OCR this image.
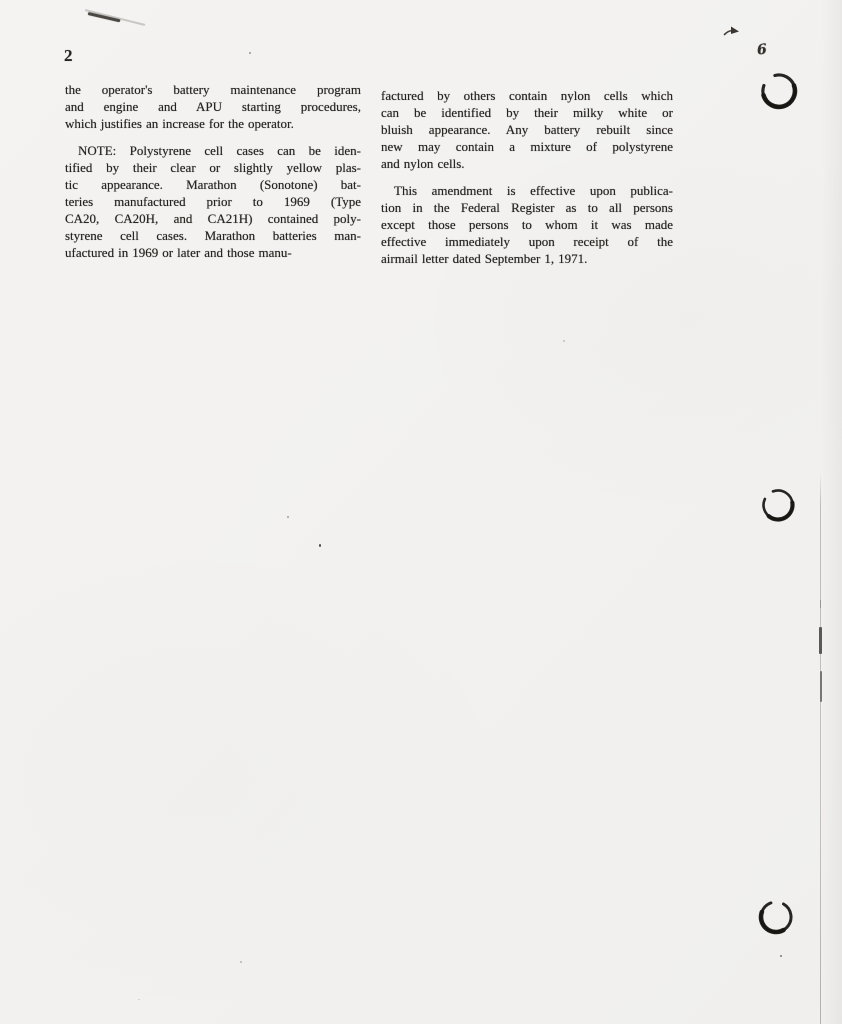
2
the operator's battery maintenance program
and engine and APU starting procedures,
which justifies an increase for the operator.
NOTE: Polystyrene cell cases can be iden-
tified by their clear or slightly yellow plas-
tic appearance. Marathon (Sonotone) bat-
teries manufactured prior to 1969 (Type
CA20, CA20H, and CA21H) contained poly-
styrene cell cases. Marathon batteries man-
ufactured in 1969 or later and those manu-
factured by others contain nylon cells which
can be identified by their milky white or
bluish appearance. Any battery rebuilt since
new may contain a mixture of polystyrene
and nylon cells.
This amendment is effective upon publica-
tion in the Federal Register as to all persons
except those persons to whom it was made
effective immediately upon receipt of the
airmail letter dated September 1, 1971.
6
